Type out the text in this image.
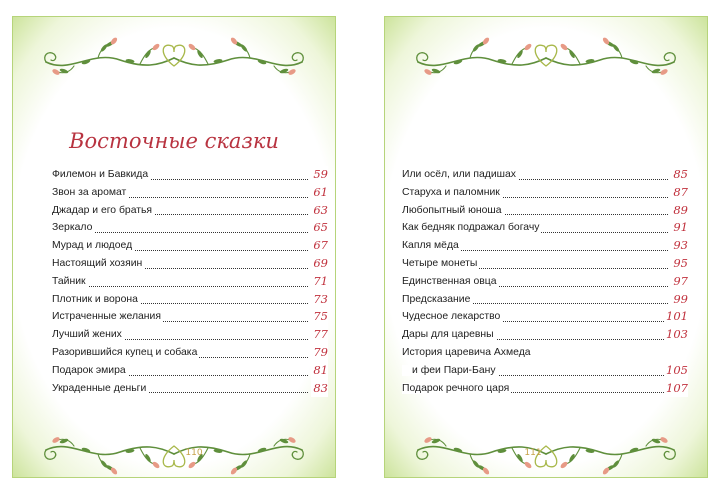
Восточные сказки
Филемон и Бавкида	59
Звон за аромат	61
Джадар и его братья	63
Зеркало	65
Мурад и людоед	67
Настоящий хозяин	69
Тайник	71
Плотник и ворона	73
Истраченные желания	75
Лучший жених	77
Разорившийся купец и собака	79
Подарок эмира	81
Украденные деньги	83
110
Или осёл, или падишах	85
Старуха и паломник	87
Любопытный юноша	89
Как бедняк подражал богачу	91
Капля мёда	93
Четыре монеты	95
Единственная овца	97
Предсказание	99
Чудесное лекарство	101
Дары для царевны	103
История царевича Ахмеда
и феи Пари-Бану	105
Подарок речного царя	107
111
